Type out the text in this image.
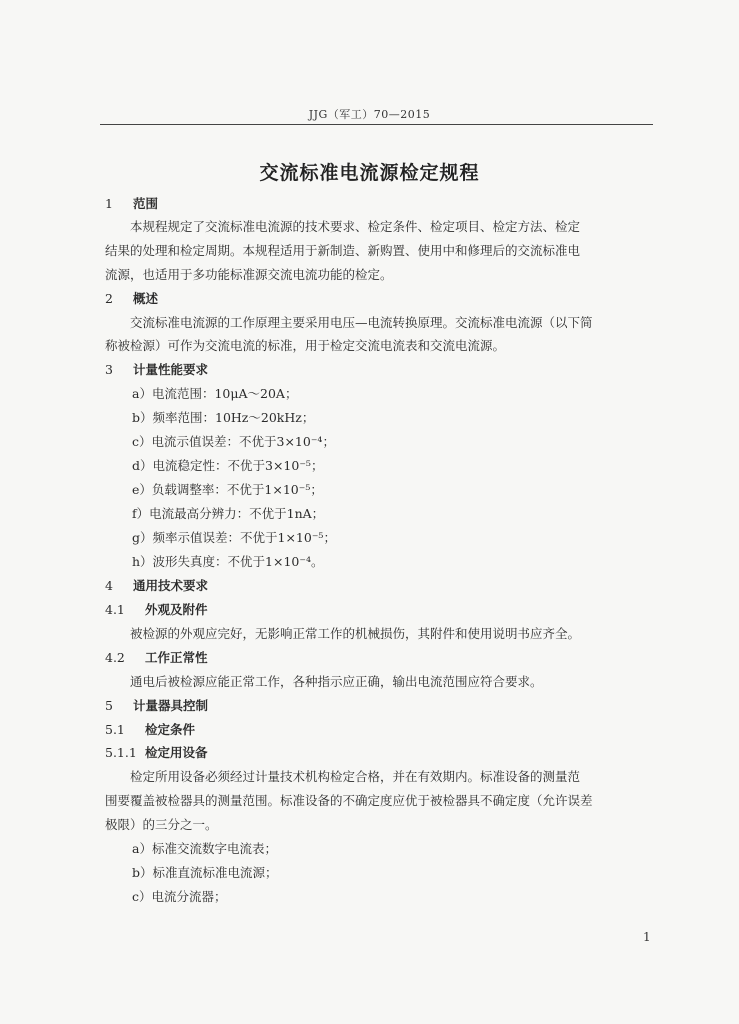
JJG（军工）70—2015
交流标准电流源检定规程
1 范围
本规程规定了交流标准电流源的技术要求、检定条件、检定项目、检定方法、检定
结果的处理和检定周期。本规程适用于新制造、新购置、使用中和修理后的交流标准电
流源，也适用于多功能标准源交流电流功能的检定。
2 概述
交流标准电流源的工作原理主要采用电压—电流转换原理。交流标准电流源（以下简
称被检源）可作为交流电流的标准，用于检定交流电流表和交流电流源。
3 计量性能要求
a）电流范围：10μA～20A；
b）频率范围：10Hz～20kHz；
c）电流示值误差：不优于3×10⁻⁴；
d）电流稳定性：不优于3×10⁻⁵；
e）负载调整率：不优于1×10⁻⁵；
f）电流最高分辨力：不优于1nA；
g）频率示值误差：不优于1×10⁻⁵；
h）波形失真度：不优于1×10⁻⁴。
4 通用技术要求
4.1 外观及附件
被检源的外观应完好，无影响正常工作的机械损伤，其附件和使用说明书应齐全。
4.2 工作正常性
通电后被检源应能正常工作，各种指示应正确，输出电流范围应符合要求。
5 计量器具控制
5.1 检定条件
5.1.1 检定用设备
检定所用设备必须经过计量技术机构检定合格，并在有效期内。标准设备的测量范
围要覆盖被检器具的测量范围。标准设备的不确定度应优于被检器具不确定度（允许误差
极限）的三分之一。
a）标准交流数字电流表；
b）标准直流标准电流源；
c）电流分流器；
1
